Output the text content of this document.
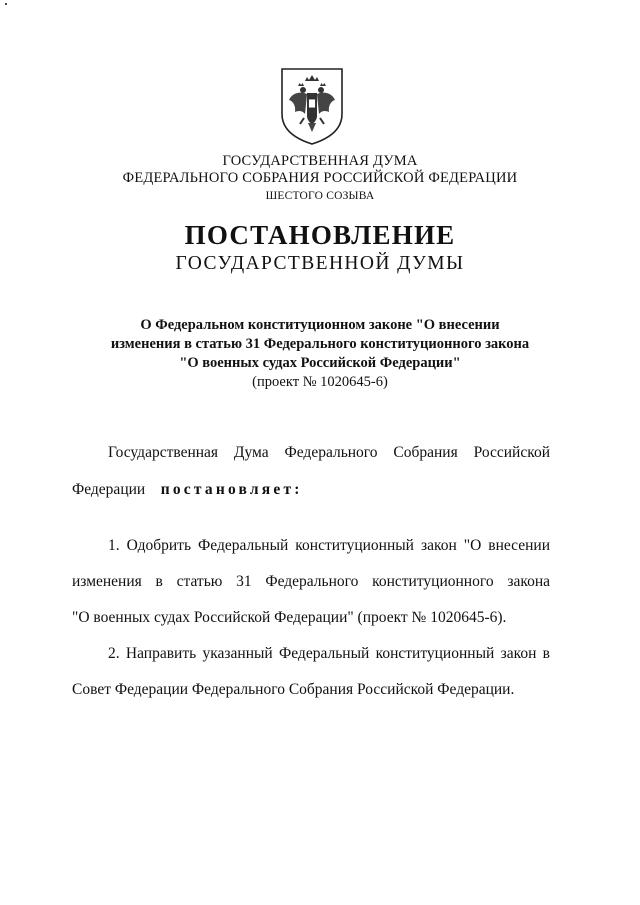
ГОСУДАРСТВЕННАЯ ДУМА
ФЕДЕРАЛЬНОГО СОБРАНИЯ РОССИЙСКОЙ ФЕДЕРАЦИИ
ШЕСТОГО СОЗЫВА
ПОСТАНОВЛЕНИЕ
ГОСУДАРСТВЕННОЙ ДУМЫ
О Федеральном конституционном законе "О внесении
изменения в статью 31 Федерального конституционного закона
"О военных судах Российской Федерации"
(проект № 1020645-6)
Государственная Дума Федерального Собрания Российской
Федерации постановляет:
1. Одобрить Федеральный конституционный закон "О внесении
изменения в статью 31 Федерального конституционного закона
"О военных судах Российской Федерации" (проект № 1020645-6).
2. Направить указанный Федеральный конституционный закон в
Совет Федерации Федерального Собрания Российской Федерации.
